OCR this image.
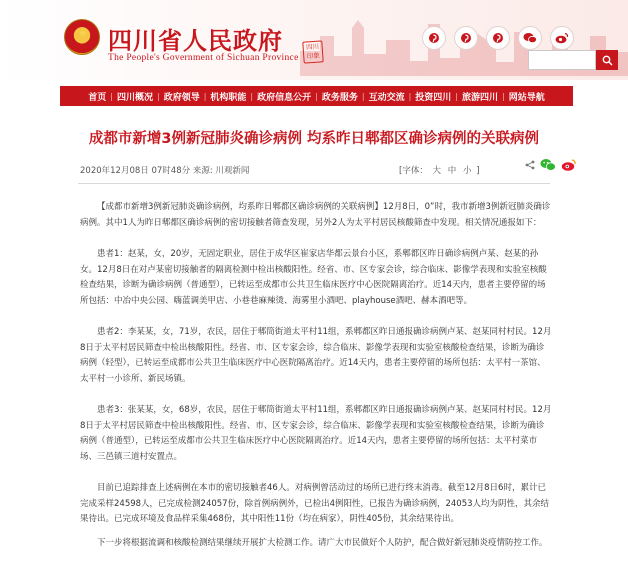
四川省人民政府
The People's Government of Sichuan Province
四川
印象
首页 | 四川概况 | 政府领导 | 机构职能 | 政府信息公开 | 政务服务 | 互动交流 | 投资四川 | 旅游四川 | 网站导航
成都市新增3例新冠肺炎确诊病例 均系昨日郫都区确诊病例的关联病例
2020年12月08日 07时48分 来源: 川观新闻	[字体： 大 中 小 ]

【成都市新增3例新冠肺炎确诊病例，均系昨日郫都区确诊病例的关联病例】12月8日，0”时，我市新增3例新冠肺炎确诊病例。其中1人为昨日郫都区确诊病例的密切接触者筛查发现，另外2人为太平村居民核酸筛查中发现。相关情况通报如下：

患者1：赵某，女，20岁，无固定职业，居住于成华区崔家店华都云景台小区，系郫都区昨日确诊病例卢某、赵某的孙女。12月8日在对卢某密切接触者的隔离检测中检出核酸阳性。经省、市、区专家会诊，综合临床、影像学表现和实验室核酸检查结果，诊断为确诊病例（普通型），已转运至成都市公共卫生临床医疗中心医院隔离治疗。近14天内，患者主要停留的场所包括：中冶中央公园、嗨蓝调美甲店、小巷巷麻辣烫、海雾里小酒吧、playhouse酒吧、赫本酒吧等。

患者2：李某某，女，71岁，农民，居住于郫筒街道太平村11组，系郫都区昨日通报确诊病例卢某、赵某同村村民。12月8日于太平村居民筛查中检出核酸阳性。经省、市、区专家会诊，综合临床、影像学表现和实验室核酸检查结果，诊断为确诊病例（轻型），已转运至成都市公共卫生临床医疗中心医院隔离治疗。近14天内，患者主要停留的场所包括：太平村一茶馆、太平村一小诊所、新民场镇。

患者3：张某某，女，68岁，农民，居住于郫筒街道太平村11组，系郫都区昨日通报确诊病例卢某、赵某同村村民。12月8日于太平村居民筛查中检出核酸阳性。经省、市、区专家会诊，综合临床、影像学表现和实验室核酸检查结果，诊断为确诊病例（普通型），已转运至成都市公共卫生临床医疗中心医院隔离治疗。近14天内，患者主要停留的场所包括：太平村菜市场、三邑镇三道村安置点。

目前已追踪排查上述病例在本市的密切接触者46人。对病例曾活动过的场所已进行终末消毒。截至12月8日6时，累计已完成采样24598人，已完成检测24057份，除首例病例外，已检出4例阳性，已报告为确诊病例，24053人均为阴性，其余结果待出。已完成环境及食品样采集468份，其中阳性11份（均在病家），阴性405份，其余结果待出。

下一步将根据流调和核酸检测结果继续开展扩大检测工作。请广大市民做好个人防护，配合做好新冠肺炎疫情防控工作。
